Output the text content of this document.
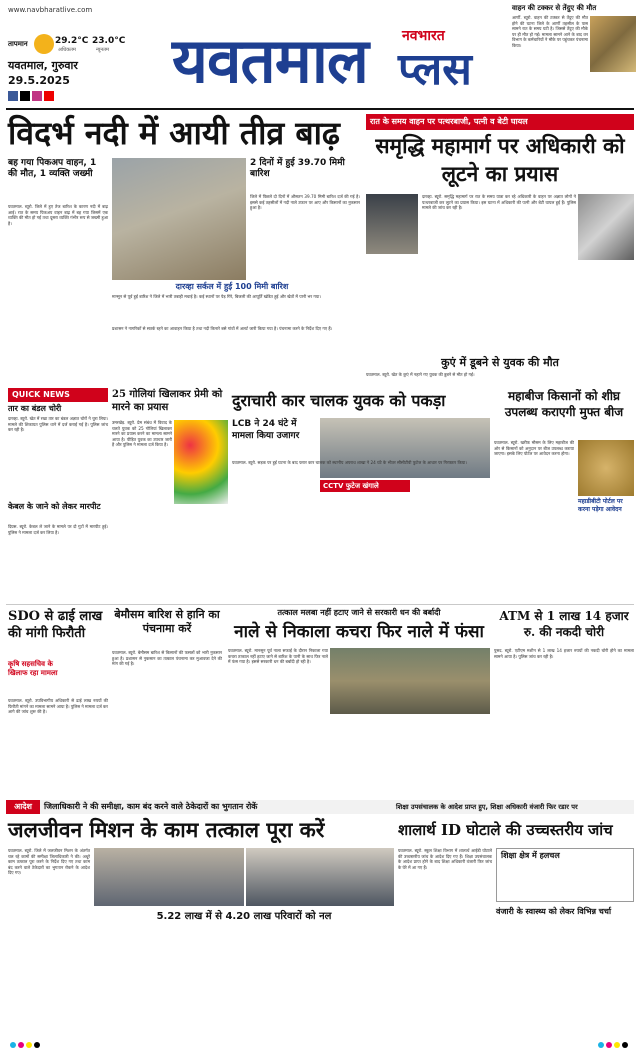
www.navbharatlive.com
तापमान	29.2°C
अधिकतम
23.0°C
न्यूनतम
यवतमाल, गुरुवार
29.5.2025 यवतमाल	नवभारत
प्लस
वाहन की टक्कर से तेंदुए की मौत
आर्णी. ब्यूरो. वाहन की टक्कर से तेंदुए की मौत होने की घटना जिले के आर्णी तहसील के पास सामने रात के समय घटी है। जिससे तेंदुए की मौके पर ही मौत हो गई। मामला सामने आने के बाद वन विभाग के कर्मचारियों ने मौके पर पहुंचकर पंचनामा किया।
विदर्भ नदी में आयी तीव्र बाढ़
बह गया पिकअप वाहन, 1 की मौत, 1 व्यक्ति जख्मी
यवतमाल. ब्यूरो. जिले में हुए तेज बारिश के कारण नदी में बाढ़ आई। रात के समय पिकअप वाहन बाढ़ में बह गया जिसमें एक व्यक्ति की मौत हो गई तथा दूसरा व्यक्ति गंभीर रूप से जख्मी हुआ है।
दारव्हा सर्कल में हुई 100 मिमी बारिश
मान्सून से पूर्व हुई बारिश ने जिले में भारी तबाही मचाई है। कई स्थानों पर पेड़ गिरे, बिजली की आपूर्ति खंडित हुई और खेतों में पानी भर गया।
2 दिनों में हुई 39.70 मिमी बारिश
जिले में पिछले दो दिनों में औसतन 39.70 मिमी बारिश दर्ज की गई है। इससे कई तहसीलों में नदी नाले उफान पर आए और किसानों का नुकसान हुआ है।
प्रशासन ने नागरिकों से सतर्क रहने का आवाहन किया है तथा नदी किनारे बसे गांवों में अलर्ट जारी किया गया है। पंचनामा करने के निर्देश दिए गए हैं।
रात के समय वाहन पर पत्थरबाजी, पत्नी व बेटी घायल
समृद्धि महामार्ग पर अधिकारी को लूटने का प्रयास
दारव्हा. ब्यूरो. समृद्धि महामार्ग पर रात के समय यात्रा कर रहे अधिकारी के वाहन पर अज्ञात लोगों ने पत्थरबाजी कर लूटने का प्रयास किया। इस घटना में अधिकारी की पत्नी और बेटी घायल हुई हैं। पुलिस मामले की जांच कर रही है।
कुएं में डूबने से युवक की मौत
यवतमाल. ब्यूरो. खेत के कुएं में नहाने गए युवक की डूबने से मौत हो गई।
QUICK NEWS
तार का बंडल चोरी
दारव्हा. ब्यूरो. खेत में रखा तार का बंडल अज्ञात चोरों ने चुरा लिया। मामले की शिकायत पुलिस थाने में दर्ज कराई गई है। पुलिस जांच कर रही है।
केबल के जाने को लेकर मारपीट
दिग्रस. ब्यूरो. केबल ले जाने के मामले पर दो गुटों में मारपीट हुई। पुलिस ने मामला दर्ज कर लिया है।
25 गोलियां खिलाकर प्रेमी को मारने का प्रयास
उमरखेड़. ब्यूरो. प्रेम संबंध में विवाद के चलते युवक को 25 गोलियां खिलाकर मारने का प्रयास करने का मामला सामने आया है। पीड़ित युवक का उपचार जारी है और पुलिस ने मामला दर्ज किया है।
दुराचारी कार चालक युवक को पकड़ा
LCB ने 24 घंटे में मामला किया उजागर
CCTV फुटेज खंगाले
यवतमाल. ब्यूरो. सड़क पर हुई घटना के बाद फरार कार चालक को स्थानीय अपराध शाखा ने 24 घंटे के भीतर सीसीटीवी फुटेज के आधार पर गिरफ्तार किया।
महाबीज किसानों को शीघ्र उपलब्ध कराएगी मुफ्त बीज
यवतमाल. ब्यूरो. खरीफ मौसम के लिए महाबीज की ओर से किसानों को अनुदान पर बीज उपलब्ध कराया जाएगा। इसके लिए पोर्टल पर आवेदन करना होगा।
महाडीबीटी पोर्टल पर करना पड़ेगा आवेदन
SDO से ढाई लाख की मांगी फिरौती
कृषि सहसचिव के खिलाफ रहा मामला
यवतमाल. ब्यूरो. उपविभागीय अधिकारी से ढाई लाख रुपयों की फिरौती मांगने का मामला सामने आया है। पुलिस ने मामला दर्ज कर आगे की जांच शुरू की है।
बेमौसम बारिश से हानि का पंचनामा करें
यवतमाल. ब्यूरो. बेमौसम बारिश से किसानों की फसलों को भारी नुकसान हुआ है। प्रशासन से नुकसान का तत्काल पंचनामा कर मुआवजा देने की मांग की गई है।
तत्काल मलबा नहीं हटाए जाने से सरकारी धन की बर्बादी
नाले से निकाला कचरा फिर नाले में फंसा
यवतमाल. ब्यूरो. मानसून पूर्व नाला सफाई के दौरान निकाला गया कचरा तत्काल नहीं हटाए जाने से बारिश के पानी के साथ फिर नाले में फंस गया है। इससे सरकारी धन की बर्बादी हो रही है।
ATM से 1 लाख 14 हजार रु. की नकदी चोरी
पुसद. ब्यूरो. एटीएम मशीन से 1 लाख 14 हजार रुपयों की नकदी चोरी होने का मामला सामने आया है। पुलिस जांच कर रही है।
आदेश	जिलाधिकारी ने की समीक्षा, काम बंद करने वाले ठेकेदारों का भुगतान रोकें	शिक्षा उपसंचालक के आदेश प्राप्त हुए, शिक्षा अधिकारी वंजारी फिर रडार पर
जलजीवन मिशन के काम तत्काल पूरा करें
यवतमाल. ब्यूरो. जिले में जलजीवन मिशन के अंतर्गत चल रहे कामों की समीक्षा जिलाधिकारी ने की। अधूरे काम तत्काल पूरा करने के निर्देश दिए गए तथा काम बंद करने वाले ठेकेदारों का भुगतान रोकने के आदेश दिए गए।
5.22 लाख में से 4.20 लाख परिवारों को नल
शालार्थ ID घोटाले की उच्चस्तरीय जांच
यवतमाल. ब्यूरो. स्कूल शिक्षा विभाग में शालार्थ आईडी घोटाले की उच्चस्तरीय जांच के आदेश दिए गए हैं। शिक्षा उपसंचालक के आदेश प्राप्त होने के बाद शिक्षा अधिकारी वंजारी फिर जांच के घेरे में आ गए हैं।
शिक्षा क्षेत्र में हलचल
वंजारी के स्वास्थ्य को लेकर विभिन्न चर्चा
